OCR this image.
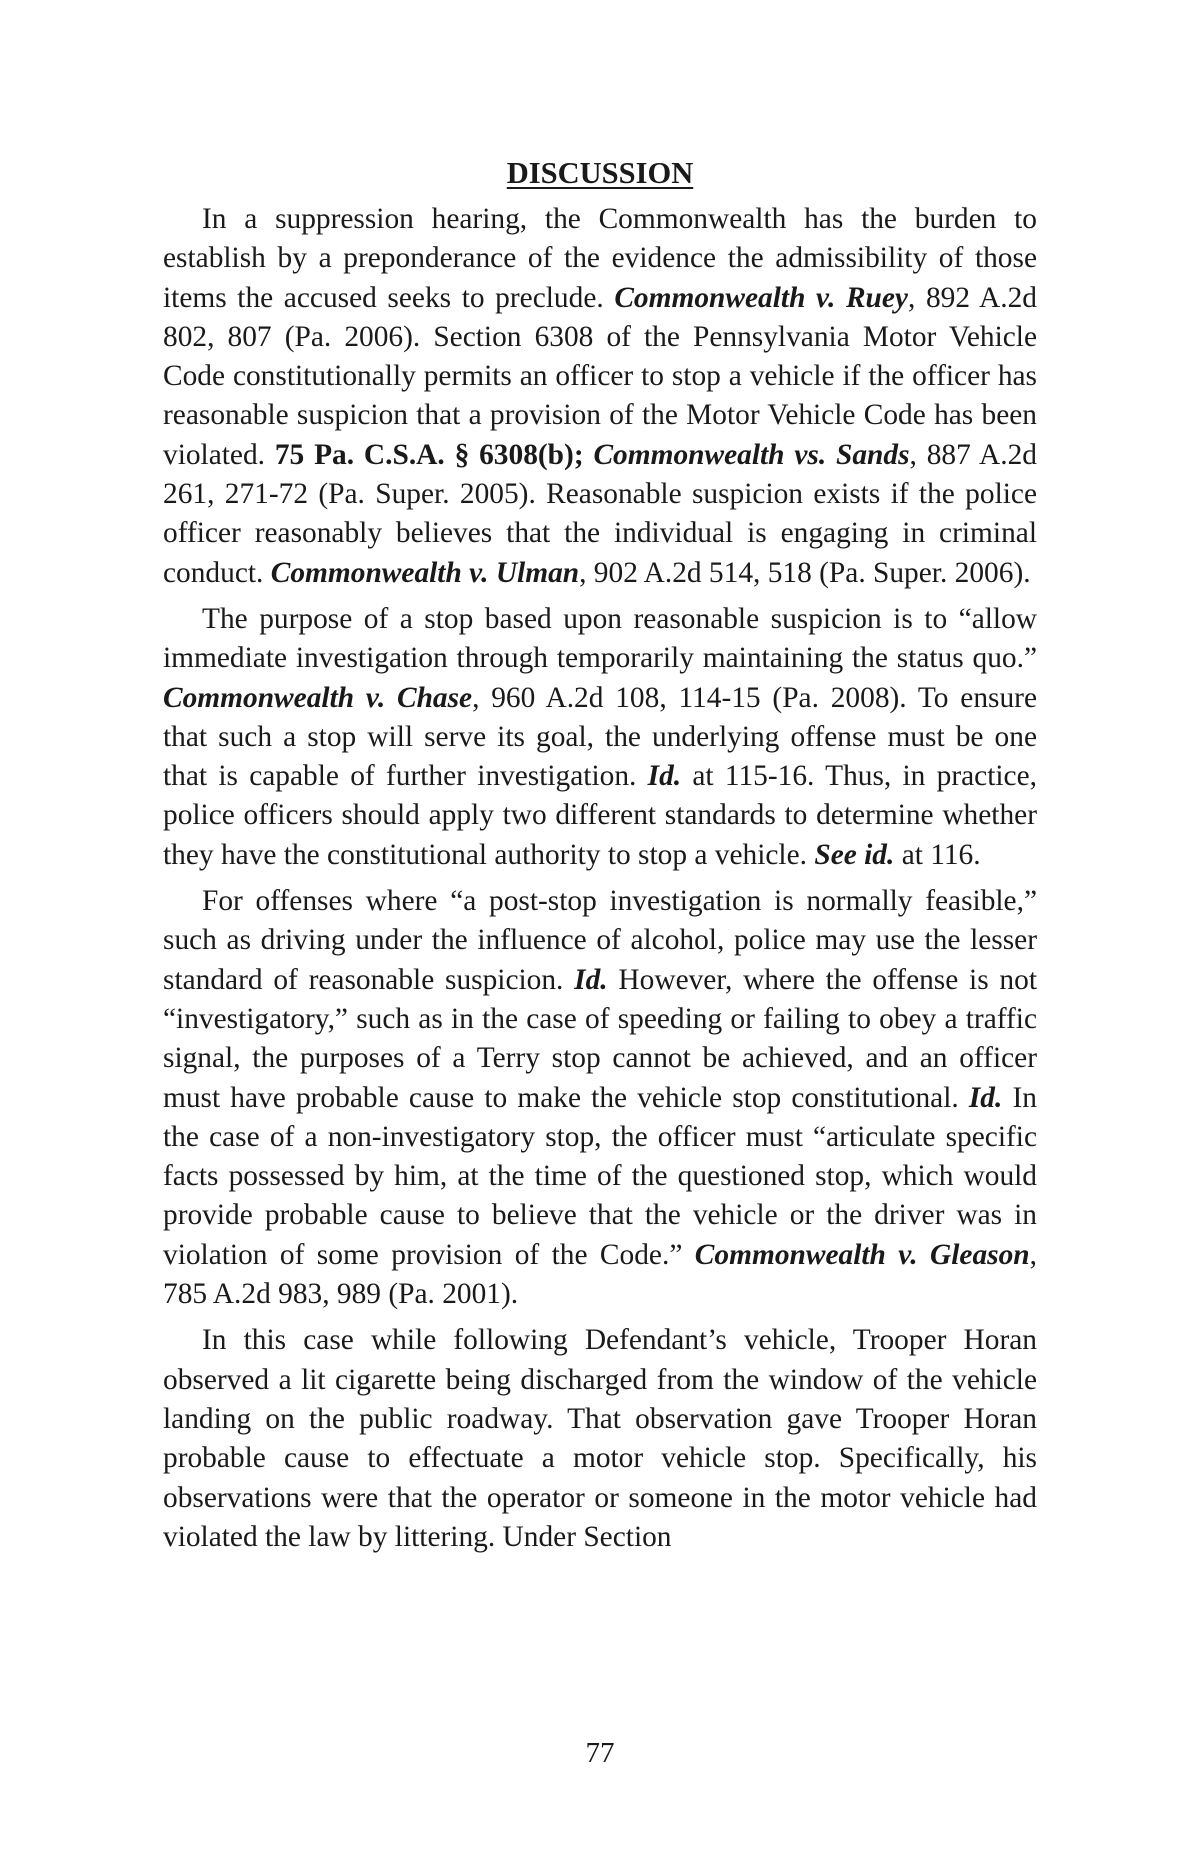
DISCUSSION

In a suppression hearing, the Commonwealth has the burden to establish by a preponderance of the evidence the admissibility of those items the accused seeks to preclude. Commonwealth v. Ruey, 892 A.2d 802, 807 (Pa. 2006). Section 6308 of the Pennsylvania Motor Vehicle Code constitutionally permits an officer to stop a vehicle if the officer has reasonable suspicion that a provision of the Motor Vehicle Code has been violated. 75 Pa. C.S.A. § 6308(b); Commonwealth vs. Sands, 887 A.2d 261, 271-72 (Pa. Super. 2005). Reasonable suspicion exists if the police officer reasonably believes that the individual is engaging in criminal conduct. Commonwealth v. Ulman, 902 A.2d 514, 518 (Pa. Super. 2006).

The purpose of a stop based upon reasonable suspicion is to “allow immediate investigation through temporarily maintaining the status quo.” Commonwealth v. Chase, 960 A.2d 108, 114-15 (Pa. 2008). To ensure that such a stop will serve its goal, the underlying offense must be one that is capable of further investigation. Id. at 115-16. Thus, in practice, police officers should apply two different standards to determine whether they have the constitutional authority to stop a vehicle. See id. at 116.

For offenses where “a post-stop investigation is normally feasible,” such as driving under the influence of alcohol, police may use the lesser standard of reasonable suspicion. Id. However, where the offense is not “investigatory,” such as in the case of speeding or failing to obey a traffic signal, the purposes of a Terry stop cannot be achieved, and an officer must have probable cause to make the vehicle stop constitutional. Id. In the case of a non-investigatory stop, the officer must “articulate specific facts possessed by him, at the time of the questioned stop, which would provide probable cause to believe that the vehicle or the driver was in violation of some provision of the Code.” Commonwealth v. Gleason, 785 A.2d 983, 989 (Pa. 2001).

In this case while following Defendant’s vehicle, Trooper Horan observed a lit cigarette being discharged from the window of the vehicle landing on the public roadway. That observation gave Trooper Horan probable cause to effectuate a motor vehicle stop. Specifically, his observations were that the operator or someone in the motor vehicle had violated the law by littering. Under Section

77
